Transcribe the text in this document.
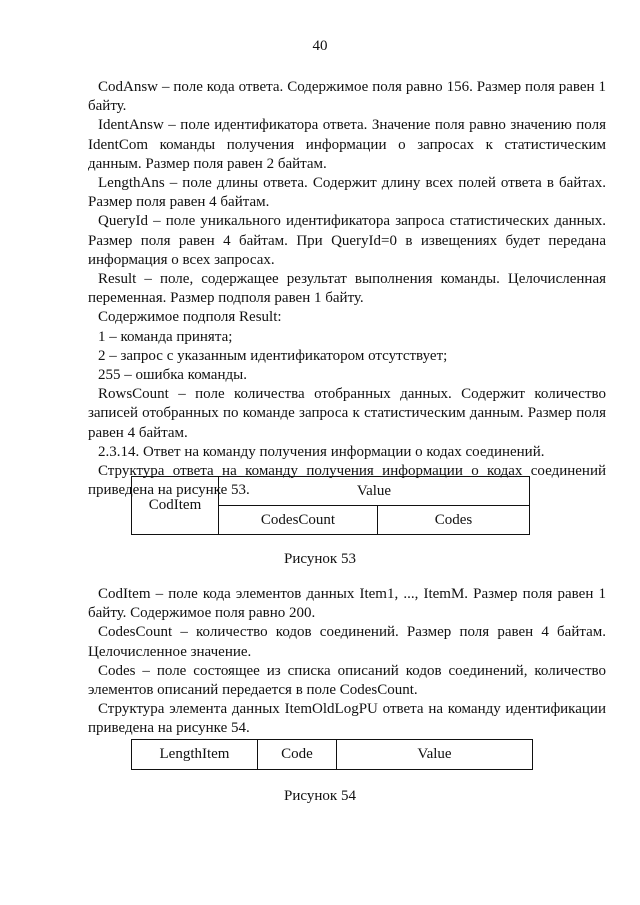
40

CodAnsw – поле кода ответа. Содержимое поля равно 156. Размер поля равен 1 байту.

IdentAnsw – поле идентификатора ответа. Значение поля равно значению поля IdentCom команды получения информации о запросах к статистическим данным. Размер поля равен 2 байтам.

LengthAns – поле длины ответа. Содержит длину всех полей ответа в байтах. Размер поля равен 4 байтам.

QueryId – поле уникального идентификатора запроса статистических данных. Размер поля равен 4 байтам. При QueryId=0 в извещениях будет передана информация о всех запросах.

Result – поле, содержащее результат выполнения команды. Целочисленная переменная. Размер подполя равен 1 байту.

Содержимое подполя Result:

1 – команда принята;

2 – запрос с указанным идентификатором отсутствует;

255 – ошибка команды.

RowsCount – поле количества отобранных данных. Содержит количество записей отобранных по команде запроса к статистическим данным. Размер поля равен 4 байтам.

2.3.14. Ответ на команду получения информации о кодах соединений.

Структура ответа на команду получения информации о кодах соединений приведена на рисунке 53.

CodItem	Value	
	CodesCount	Codes
Рисунок 53

CodItem – поле кода элементов данных Item1, ..., ItemM. Размер поля равен 1 байту. Содержимое поля равно 200.

CodesCount – количество кодов соединений. Размер поля равен 4 байтам. Целочисленное значение.

Codes – поле состоящее из списка описаний кодов соединений, количество элементов описаний передается в поле CodesCount.

Структура элемента данных ItemOldLogPU ответа на команду идентификации приведена на рисунке 54.

LengthItem	Code	Value
Рисунок 54
